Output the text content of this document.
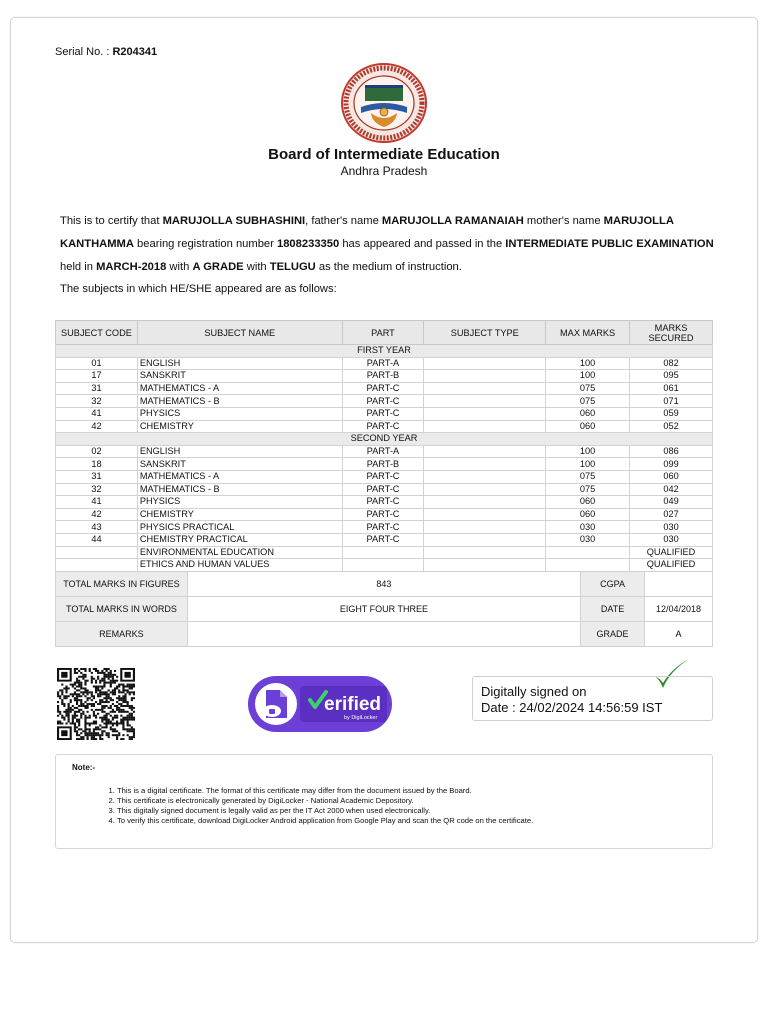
Serial No. : R204341
Board of Intermediate Education
Andhra Pradesh
This is to certify that MARUJOLLA SUBHASHINI, father's name MARUJOLLA RAMANAIAH mother's name MARUJOLLA KANTHAMMA bearing registration number 1808233350 has appeared and passed in the INTERMEDIATE PUBLIC EXAMINATION held in MARCH-2018 with A GRADE with TELUGU as the medium of instruction.
The subjects in which HE/SHE appeared are as follows:
SUBJECT CODE	SUBJECT NAME	PART	SUBJECT TYPE	MAX MARKS	MARKS SECURED
FIRST YEAR					
01	ENGLISH	PART-A		100	082
17	SANSKRIT	PART-B		100	095
31	MATHEMATICS - A	PART-C		075	061
32	MATHEMATICS - B	PART-C		075	071
41	PHYSICS	PART-C		060	059
42	CHEMISTRY	PART-C		060	052
SECOND YEAR					
02	ENGLISH	PART-A		100	086
18	SANSKRIT	PART-B		100	099
31	MATHEMATICS - A	PART-C		075	060
32	MATHEMATICS - B	PART-C		075	042
41	PHYSICS	PART-C		060	049
42	CHEMISTRY	PART-C		060	027
43	PHYSICS PRACTICAL	PART-C		030	030
44	CHEMISTRY PRACTICAL	PART-C		030	030
	ENVIRONMENTAL EDUCATION				QUALIFIED
	ETHICS AND HUMAN VALUES				QUALIFIED
TOTAL MARKS IN FIGURES	843	CGPA	
TOTAL MARKS IN WORDS	EIGHT FOUR THREE	DATE	12/04/2018
REMARKS		GRADE	A
erified
by DigiLocker
Digitally signed on
Date : 24/02/2024 14:56:59 IST
Note:-
1. This is a digital certificate. The format of this certificate may differ from the document issued by the Board.
2. This certificate is electronically generated by DigiLocker - National Academic Depository.
3. This digitally signed document is legally valid as per the IT Act 2000 when used electronically.
4. To verify this certificate, download DigiLocker Android application from Google Play and scan the QR code on the certificate.
